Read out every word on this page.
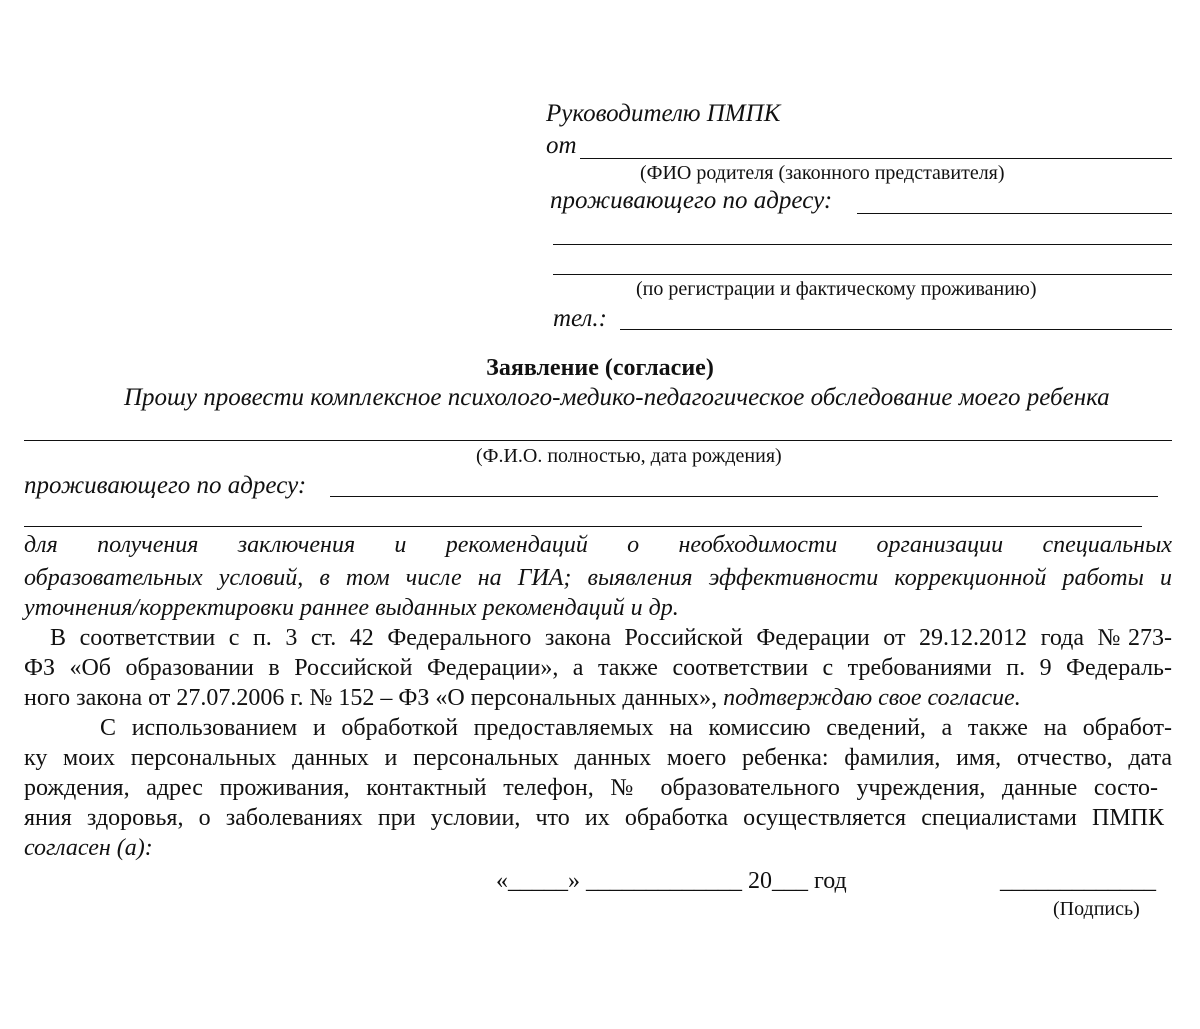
Руководителю ПМПК
от
(ФИО родителя (законного представителя)
проживающего по адресу:
(по регистрации и фактическому проживанию)
тел.:
Заявление (согласие)
Прошу провести комплексное психолого-медико-педагогическое обследование моего ребенка
(Ф.И.О. полностью, дата рождения)
проживающего по адресу:
для получения заключения и рекомендаций о необходимости организации специальных
образовательных условий, в том числе на ГИА; выявления эффективности коррекционной работы и
уточнения/корректировки раннее выданных рекомендаций и др.
В соответствии с п. 3 ст. 42 Федерального закона Российской Федерации от 29.12.2012 года №273-
ФЗ «Об образовании в Российской Федерации», а также соответствии с требованиями п. 9 Федераль-
ного закона от 27.07.2006 г. № 152 – ФЗ «О персональных данных», подтверждаю свое согласие.
С использованием и обработкой предоставляемых на комиссию сведений, а также на обработ-
ку моих персональных данных и персональных данных моего ребенка: фамилия, имя, отчество, дата
рождения, адрес проживания, контактный телефон, № образовательного учреждения, данные состо-
яния здоровья, о заболеваниях при условии, что их обработка осуществляется специалистами ПМПК
согласен (а):
«_____» _____________ 20___ год	_____________
(Подпись)
